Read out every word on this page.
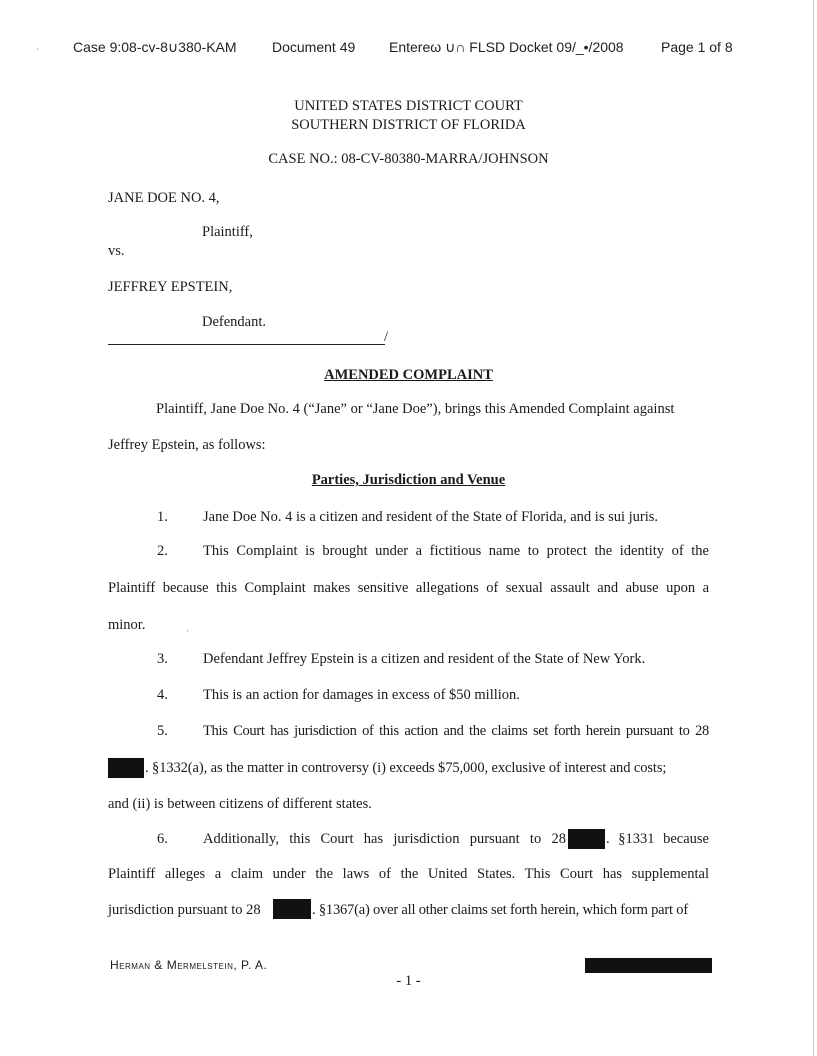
Case 9:08-cv-8∪380-KAM	Document 49 Entereω ∪∩ FLSD Docket 09/_•/2008	Page 1 of 8
UNITED STATES DISTRICT COURT
SOUTHERN DISTRICT OF FLORIDA
CASE NO.: 08-CV-80380-MARRA/JOHNSON
JANE DOE NO. 4,
Plaintiff,
vs.
JEFFREY EPSTEIN,
Defendant.
/
AMENDED COMPLAINT
Plaintiff, Jane Doe No. 4 (“Jane” or “Jane Doe”), brings this Amended Complaint against
Jeffrey Epstein, as follows:
Parties, Jurisdiction and Venue
1. Jane Doe No. 4 is a citizen and resident of the State of Florida, and is sui juris.
2. This Complaint is brought under a fictitious name to protect the identity of the
Plaintiff because this Complaint makes sensitive allegations of sexual assault and abuse upon a
minor.
3. Defendant Jeffrey Epstein is a citizen and resident of the State of New York.
4. This is an action for damages in excess of $50 million.
5. This Court has jurisdiction of this action and the claims set forth herein pursuant to 28
. §1332(a), as the matter in controversy (i) exceeds $75,000, exclusive of interest and costs;
and (ii) is between citizens of different states.
6. Additionally, this Court has jurisdiction pursuant to 28	. §1331 because
Plaintiff alleges a claim under the laws of the United States. This Court has supplemental
jurisdiction pursuant to 28	. §1367(a) over all other claims set forth herein, which form part of
Herman & Mermelstein, P. A.
- 1 -
